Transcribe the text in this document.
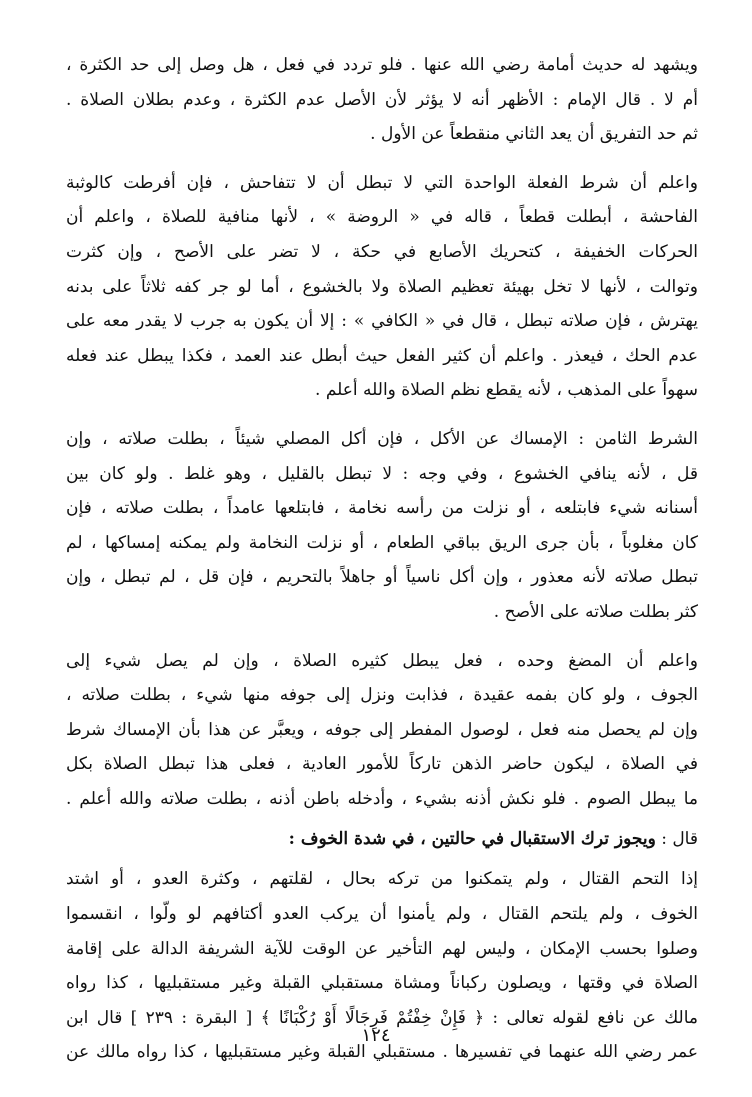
ويشهد له حديث أمامة رضي الله عنها . فلو تردد في فعل ، هل وصل إلى حد الكثرة ،
أم لا . قال الإمام : الأظهر أنه لا يؤثر لأن الأصل عدم الكثرة ، وعدم بطلان الصلاة .
ثم حد التفريق أن يعد الثاني منقطعاً عن الأول .
واعلم أن شرط الفعلة الواحدة التي لا تبطل أن لا تتفاحش ، فإن أفرطت كالوثبة
الفاحشة ، أبطلت قطعاً ، قاله في « الروضة » ، لأنها منافية للصلاة ، واعلم أن
الحركات الخفيفة ، كتحريك الأصابع في حكة ، لا تضر على الأصح ، وإن كثرت
وتوالت ، لأنها لا تخل بهيئة تعظيم الصلاة ولا بالخشوع ، أما لو جر كفه ثلاثاً على بدنه
يهترش ، فإن صلاته تبطل ، قال في « الكافي » : إلا أن يكون به جرب لا يقدر معه على
عدم الحك ، فيعذر . واعلم أن كثير الفعل حيث أبطل عند العمد ، فكذا يبطل عند فعله
سهواً على المذهب ، لأنه يقطع نظم الصلاة والله أعلم .
الشرط الثامن : الإمساك عن الأكل ، فإن أكل المصلي شيئاً ، بطلت صلاته ، وإن
قل ، لأنه ينافي الخشوع ، وفي وجه : لا تبطل بالقليل ، وهو غلط . ولو كان بين
أسنانه شيء فابتلعه ، أو نزلت من رأسه نخامة ، فابتلعها عامداً ، بطلت صلاته ، فإن
كان مغلوباً ، بأن جرى الريق بباقي الطعام ، أو نزلت النخامة ولم يمكنه إمساكها ، لم
تبطل صلاته لأنه معذور ، وإن أكل ناسياً أو جاهلاً بالتحريم ، فإن قل ، لم تبطل ، وإن
كثر بطلت صلاته على الأصح .
واعلم أن المضغ وحده ، فعل يبطل كثيره الصلاة ، وإن لم يصل شيء إلى
الجوف ، ولو كان بفمه عقيدة ، فذابت ونزل إلى جوفه منها شيء ، بطلت صلاته ،
وإن لم يحصل منه فعل ، لوصول المفطر إلى جوفه ، ويعبَّر عن هذا بأن الإمساك شرط
في الصلاة ، ليكون حاضر الذهن تاركاً للأمور العادية ، فعلى هذا تبطل الصلاة بكل
ما يبطل الصوم . فلو نكش أذنه بشيء ، وأدخله باطن أذنه ، بطلت صلاته والله أعلم .
قال : ويجوز ترك الاستقبال في حالتين ، في شدة الخوف :
إذا التحم القتال ، ولم يتمكنوا من تركه بحال ، لقلتهم ، وكثرة العدو ، أو اشتد
الخوف ، ولم يلتحم القتال ، ولم يأمنوا أن يركب العدو أكتافهم لو ولّوا ، انقسموا
وصلوا بحسب الإمكان ، وليس لهم التأخير عن الوقت للآية الشريفة الدالة على إقامة
الصلاة في وقتها ، ويصلون ركباناً ومشاة مستقبلي القبلة وغير مستقبليها ، كذا رواه
مالك عن نافع لقوله تعالى : ﴿ فَإِنْ خِفْتُمْ فَرِجَالًا أَوْ رُكْبَانًا ﴾ [ البقرة : ٢٣٩ ] قال ابن
عمر رضي الله عنهما في تفسيرها . مستقبلي القبلة وغير مستقبليها ، كذا رواه مالك عن
١٢٤
